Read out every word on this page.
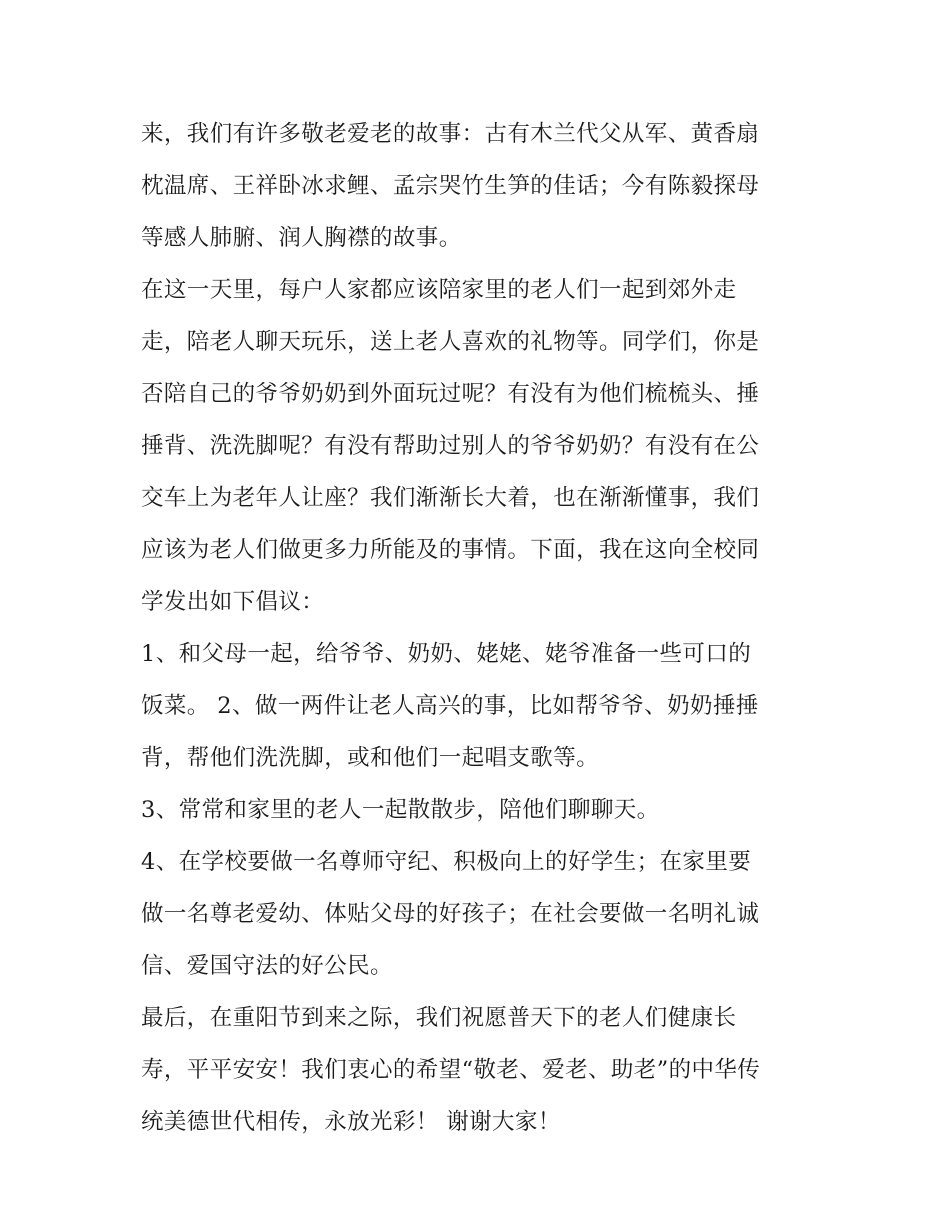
来，我们有许多敬老爱老的故事：古有木兰代父从军、黄香扇
枕温席、王祥卧冰求鲤、孟宗哭竹生笋的佳话；今有陈毅探母
等感人肺腑、润人胸襟的故事。
在这一天里，每户人家都应该陪家里的老人们一起到郊外走
走，陪老人聊天玩乐，送上老人喜欢的礼物等。同学们，你是
否陪自己的爷爷奶奶到外面玩过呢？有没有为他们梳梳头、捶
捶背、洗洗脚呢？有没有帮助过别人的爷爷奶奶？有没有在公
交车上为老年人让座？我们渐渐长大着，也在渐渐懂事，我们
应该为老人们做更多力所能及的事情。下面，我在这向全校同
学发出如下倡议：
1、和父母一起，给爷爷、奶奶、姥姥、姥爷准备一些可口的
饭菜。 2、做一两件让老人高兴的事，比如帮爷爷、奶奶捶捶
背，帮他们洗洗脚，或和他们一起唱支歌等。
3、常常和家里的老人一起散散步，陪他们聊聊天。
4、在学校要做一名尊师守纪、积极向上的好学生；在家里要
做一名尊老爱幼、体贴父母的好孩子；在社会要做一名明礼诚
信、爱国守法的好公民。
最后，在重阳节到来之际，我们祝愿普天下的老人们健康长
寿，平平安安！我们衷心的希望“敬老、爱老、助老”的中华传
统美德世代相传，永放光彩！ 谢谢大家！
